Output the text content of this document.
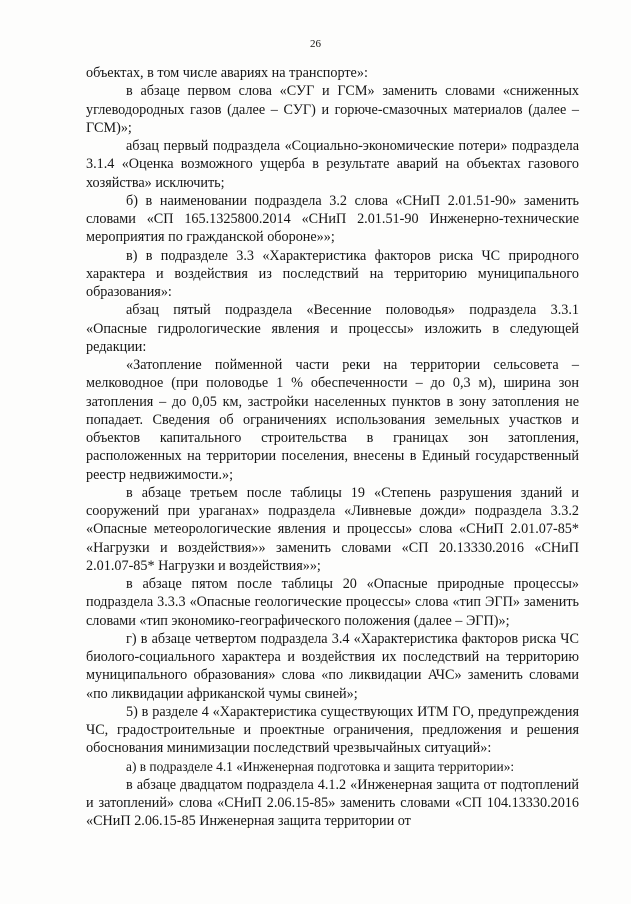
26

объектах, в том числе авариях на транспорте»:

в абзаце первом слова «СУГ и ГСМ» заменить словами «сниженных углеводородных газов (далее – СУГ) и горюче-смазочных материалов (далее – ГСМ)»;

абзац первый подраздела «Социально-экономические потери» подраздела 3.1.4 «Оценка возможного ущерба в результате аварий на объектах газового хозяйства» исключить;

б) в наименовании подраздела 3.2 слова «СНиП 2.01.51-90» заменить словами «СП 165.1325800.2014 «СНиП 2.01.51-90 Инженерно-технические мероприятия по гражданской обороне»»;

в) в подразделе 3.3 «Характеристика факторов риска ЧС природного характера и воздействия из последствий на территорию муниципального образования»:

абзац пятый подраздела «Весенние половодья» подраздела 3.3.1 «Опасные гидрологические явления и процессы» изложить в следующей редакции:

«Затопление пойменной части реки на территории сельсовета – мелководное (при половодье 1 % обеспеченности – до 0,3 м), ширина зон затопления – до 0,05 км, застройки населенных пунктов в зону затопления не попадает. Сведения об ограничениях использования земельных участков и объектов капитального строительства в границах зон затопления, расположенных на территории поселения, внесены в Единый государственный реестр недвижимости.»;

в абзаце третьем после таблицы 19 «Степень разрушения зданий и сооружений при ураганах» подраздела «Ливневые дожди» подраздела 3.3.2 «Опасные метеорологические явления и процессы» слова «СНиП 2.01.07-85* «Нагрузки и воздействия»» заменить словами «СП 20.13330.2016 «СНиП 2.01.07-85* Нагрузки и воздействия»»;

в абзаце пятом после таблицы 20 «Опасные природные процессы» подраздела 3.3.3 «Опасные геологические процессы» слова «тип ЭГП» заменить словами «тип экономико-географического положения (далее – ЭГП)»;

г) в абзаце четвертом подраздела 3.4 «Характеристика факторов риска ЧС биолого-социального характера и воздействия их последствий на территорию муниципального образования» слова «по ликвидации АЧС» заменить словами «по ликвидации африканской чумы свиней»;

5) в разделе 4 «Характеристика существующих ИТМ ГО, предупреждения ЧС, градостроительные и проектные ограничения, предложения и решения обоснования минимизации последствий чрезвычайных ситуаций»:

а) в подразделе 4.1 «Инженерная подготовка и защита территории»:

в абзаце двадцатом подраздела 4.1.2 «Инженерная защита от подтоплений и затоплений» слова «СНиП 2.06.15-85» заменить словами «СП 104.13330.2016 «СНиП 2.06.15-85 Инженерная защита территории от
